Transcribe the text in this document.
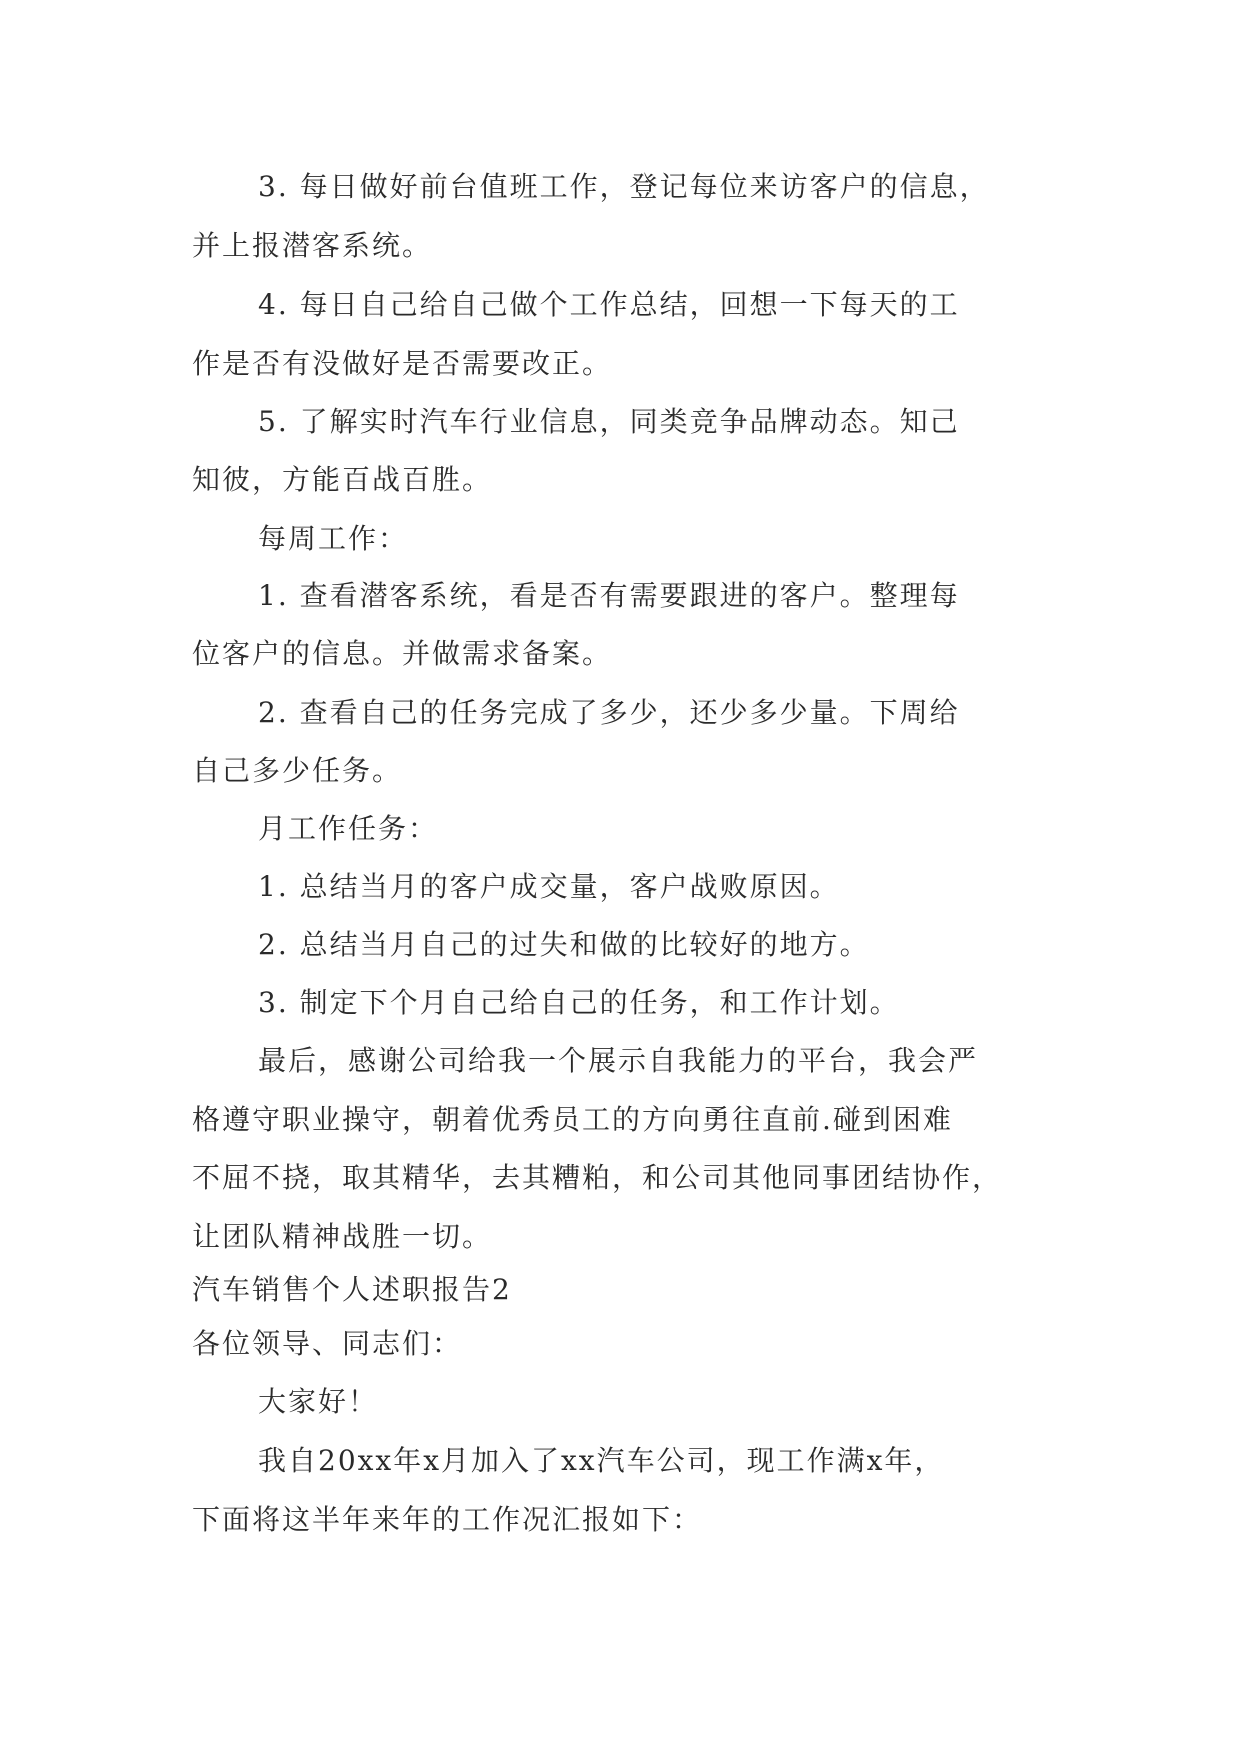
3. 每日做好前台值班工作，登记每位来访客户的信息，
并上报潜客系统。
4. 每日自己给自己做个工作总结，回想一下每天的工
作是否有没做好是否需要改正。
5. 了解实时汽车行业信息，同类竞争品牌动态。知己
知彼，方能百战百胜。
每周工作：
1. 查看潜客系统，看是否有需要跟进的客户。整理每
位客户的信息。并做需求备案。
2. 查看自己的任务完成了多少，还少多少量。下周给
自己多少任务。
月工作任务：
1. 总结当月的客户成交量，客户战败原因。
2. 总结当月自己的过失和做的比较好的地方。
3. 制定下个月自己给自己的任务，和工作计划。
最后，感谢公司给我一个展示自我能力的平台，我会严
格遵守职业操守，朝着优秀员工的方向勇往直前.碰到困难
不屈不挠，取其精华，去其糟粕，和公司其他同事团结协作，
让团队精神战胜一切。
汽车销售个人述职报告2
各位领导、同志们：
大家好！
我自20xx年x月加入了xx汽车公司，现工作满x年，
下面将这半年来年的工作况汇报如下：
